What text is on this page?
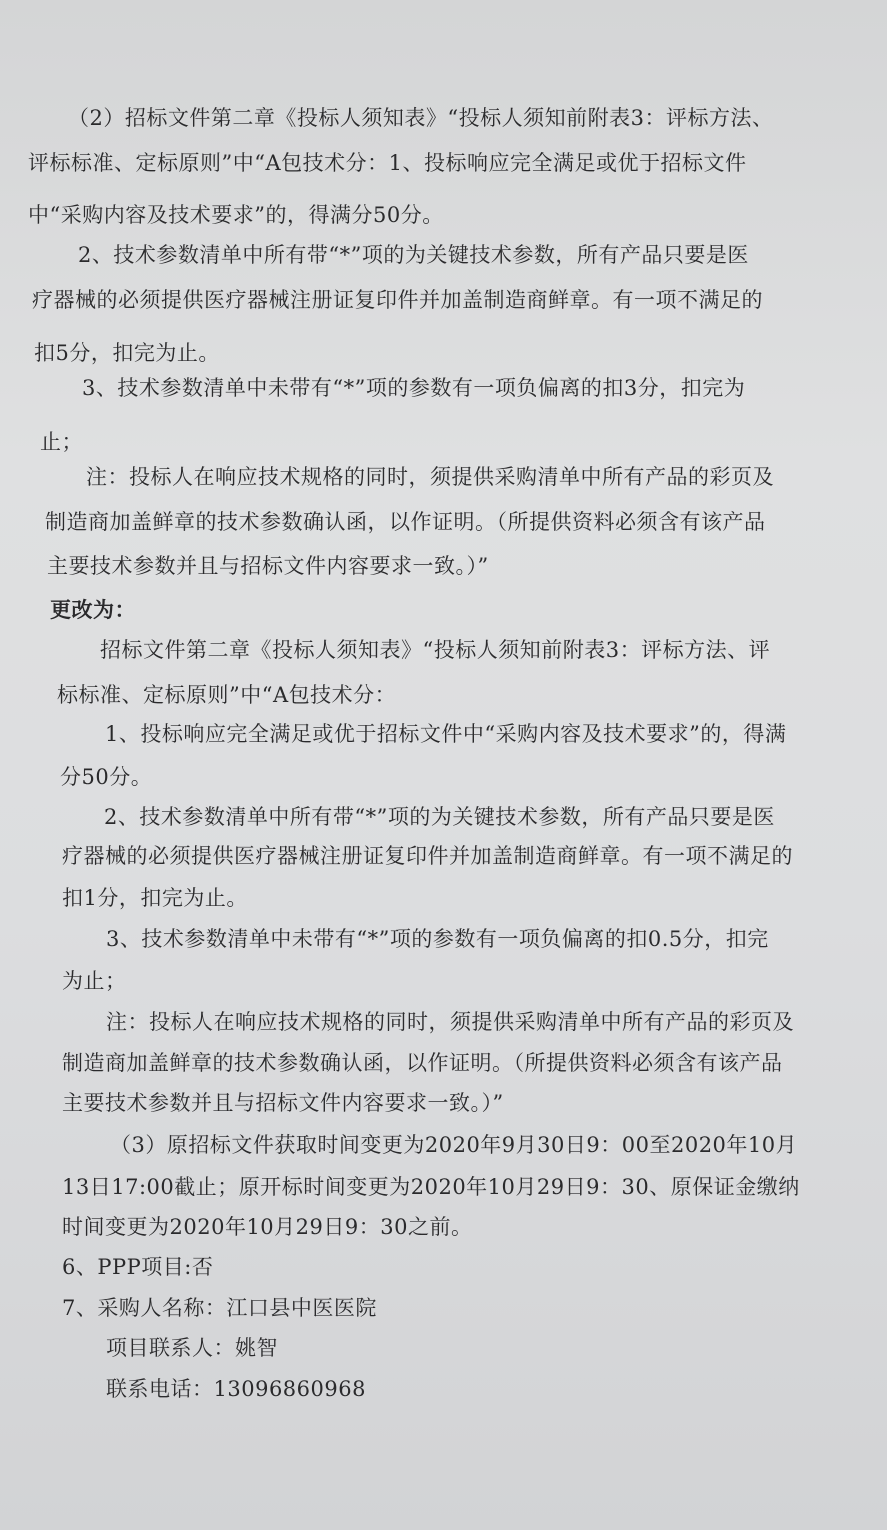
（2）招标文件第二章《投标人须知表》“投标人须知前附表3：评标方法、
评标标准、定标原则”中“A包技术分：1、投标响应完全满足或优于招标文件
中“采购内容及技术要求”的，得满分50分。
2、技术参数清单中所有带“*”项的为关键技术参数，所有产品只要是医
疗器械的必须提供医疗器械注册证复印件并加盖制造商鲜章。有一项不满足的
扣5分，扣完为止。
3、技术参数清单中未带有“*”项的参数有一项负偏离的扣3分，扣完为
止；
注：投标人在响应技术规格的同时，须提供采购清单中所有产品的彩页及
制造商加盖鲜章的技术参数确认函，以作证明。（所提供资料必须含有该产品
主要技术参数并且与招标文件内容要求一致。）”
更改为：
招标文件第二章《投标人须知表》“投标人须知前附表3：评标方法、评
标标准、定标原则”中“A包技术分：
1、投标响应完全满足或优于招标文件中“采购内容及技术要求”的，得满
分50分。
2、技术参数清单中所有带“*”项的为关键技术参数，所有产品只要是医
疗器械的必须提供医疗器械注册证复印件并加盖制造商鲜章。有一项不满足的
扣1分，扣完为止。
3、技术参数清单中未带有“*”项的参数有一项负偏离的扣0.5分，扣完
为止；
注：投标人在响应技术规格的同时，须提供采购清单中所有产品的彩页及
制造商加盖鲜章的技术参数确认函，以作证明。（所提供资料必须含有该产品
主要技术参数并且与招标文件内容要求一致。）”
（3）原招标文件获取时间变更为2020年9月30日9：00至2020年10月
13日17:00截止；原开标时间变更为2020年10月29日9：30、原保证金缴纳
时间变更为2020年10月29日9：30之前。
6、PPP项目:否
7、采购人名称：江口县中医医院
项目联系人：姚智
联系电话：13096860968
